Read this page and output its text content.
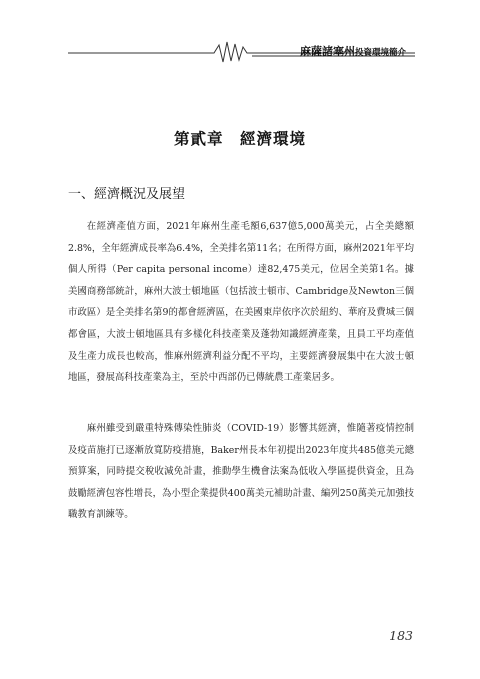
麻薩諸塞州投資環境簡介
第貳章　經濟環境
一、經濟概況及展望

在經濟產值方面，2021年麻州生產毛額6,637億5,000萬美元，占全美總額2.8%，全年經濟成長率為6.4%，全美排名第11名；在所得方面，麻州2021年平均個人所得（Per capita personal income）達82,475美元，位居全美第1名。據美國商務部統計，麻州大波士頓地區（包括波士頓市、Cambridge及Newton三個市政區）是全美排名第9的都會經濟區，在美國東岸依序次於紐約、華府及費城三個都會區，大波士頓地區具有多樣化科技產業及蓬勃知識經濟產業，且員工平均產值及生產力成長也較高，惟麻州經濟利益分配不平均，主要經濟發展集中在大波士頓地區，發展高科技產業為主，至於中西部仍已傳統農工產業居多。

麻州雖受到嚴重特殊傳染性肺炎（COVID-19）影響其經濟，惟隨著疫情控制及疫苗施打已逐漸放寬防疫措施，Baker州長本年初提出2023年度共485億美元總預算案，同時提交稅收減免計畫，推動學生機會法案為低收入學區提供資金，且為鼓勵經濟包容性增長，為小型企業提供400萬美元補助計畫、編列250萬美元加強技職教育訓練等。

183
